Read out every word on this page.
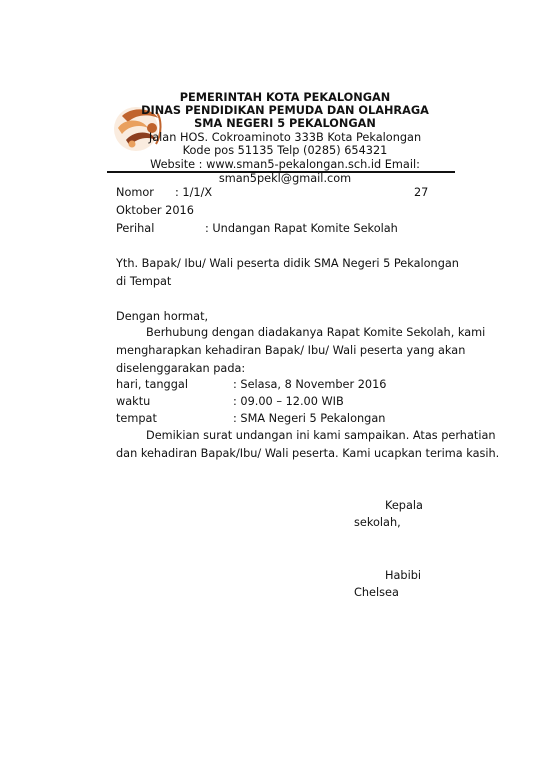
PEMERINTAH KOTA PEKALONGAN
DINAS PENDIDIKAN PEMUDA DAN OLAHRAGA
SMA NEGERI 5 PEKALONGAN
Jalan HOS. Cokroaminoto 333B Kota Pekalongan
Kode pos 51135 Telp (0285) 654321
Website : www.sman5-pekalongan.sch.id Email:
sman5pekl@gmail.com
Nomor : 1/1/X	27
Oktober 2016
Perihal	: Undangan Rapat Komite Sekolah
Yth. Bapak/ Ibu/ Wali peserta didik SMA Negeri 5 Pekalongan
di Tempat
Dengan hormat,
Berhubung dengan diadakanya Rapat Komite Sekolah, kami
mengharapkan kehadiran Bapak/ Ibu/ Wali peserta yang akan
diselenggarakan pada:
hari, tanggal	: Selasa, 8 November 2016
waktu	: 09.00 – 12.00 WIB
tempat	: SMA Negeri 5 Pekalongan
Demikian surat undangan ini kami sampaikan. Atas perhatian
dan kehadiran Bapak/Ibu/ Wali peserta. Kami ucapkan terima kasih.
Kepala
sekolah,
Habibi
Chelsea
